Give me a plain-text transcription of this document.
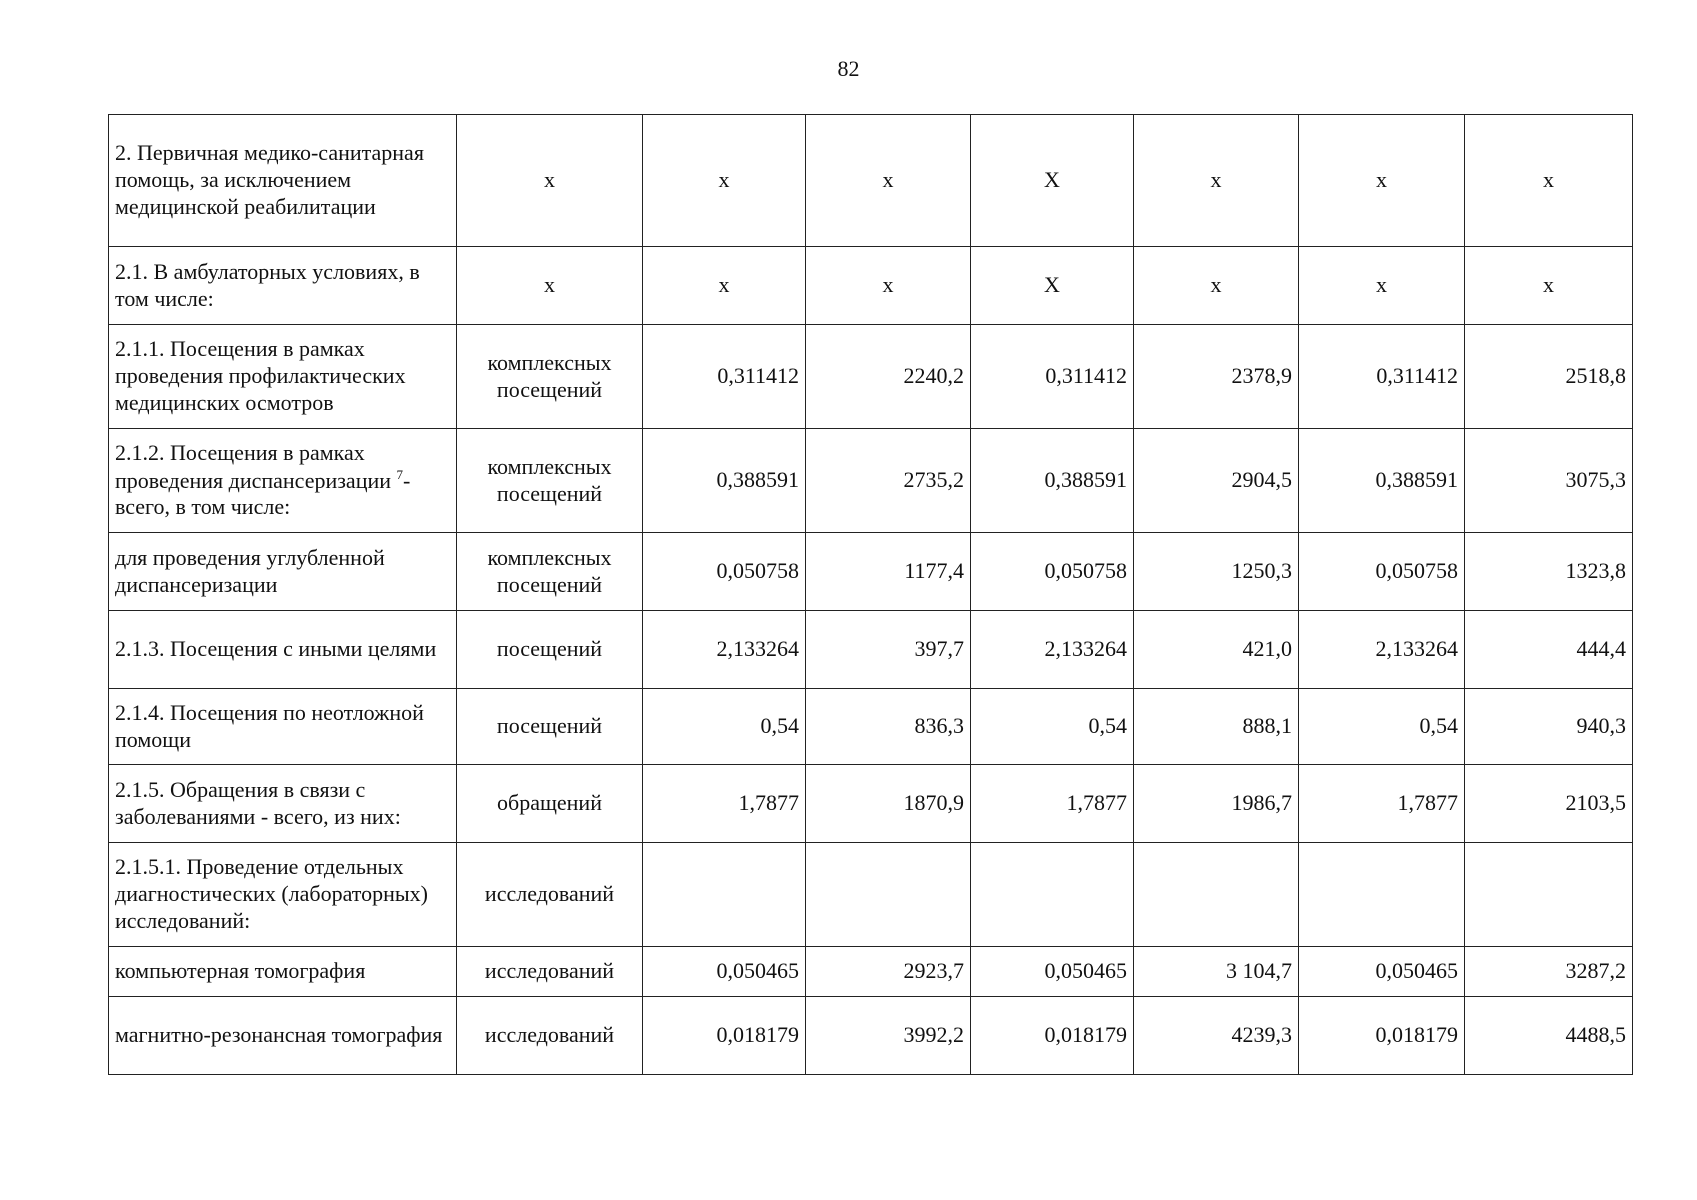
82
2. Первичная медико-санитарная помощь, за исключением медицинской реабилитации	х	х	х	Х	х	х	х
2.1. В амбулаторных условиях, в том числе:	х	х	х	Х	х	х	х
2.1.1. Посещения в рамках проведения профилактических медицинских осмотров	комплексных посещений	0,311412	2240,2	0,311412	2378,9	0,311412	2518,8
2.1.2. Посещения в рамках проведения диспансеризации $^7$-всего, в том числе:	комплексных посещений	0,388591	2735,2	0,388591	2904,5	0,388591	3075,3
для проведения углубленной диспансеризации	комплексных посещений	0,050758	1177,4	0,050758	1250,3	0,050758	1323,8
2.1.3. Посещения с иными целями	посещений	2,133264	397,7	2,133264	421,0	2,133264	444,4
2.1.4. Посещения по неотложной помощи	посещений	0,54	836,3	0,54	888,1	0,54	940,3
2.1.5. Обращения в связи с заболеваниями - всего, из них:	обращений	1,7877	1870,9	1,7877	1986,7	1,7877	2103,5
2.1.5.1. Проведение отдельных диагностических (лабораторных) исследований:	исследований						
компьютерная томография	исследований	0,050465	2923,7	0,050465	3 104,7	0,050465	3287,2
магнитно-резонансная томография	исследований	0,018179	3992,2	0,018179	4239,3	0,018179	4488,5
